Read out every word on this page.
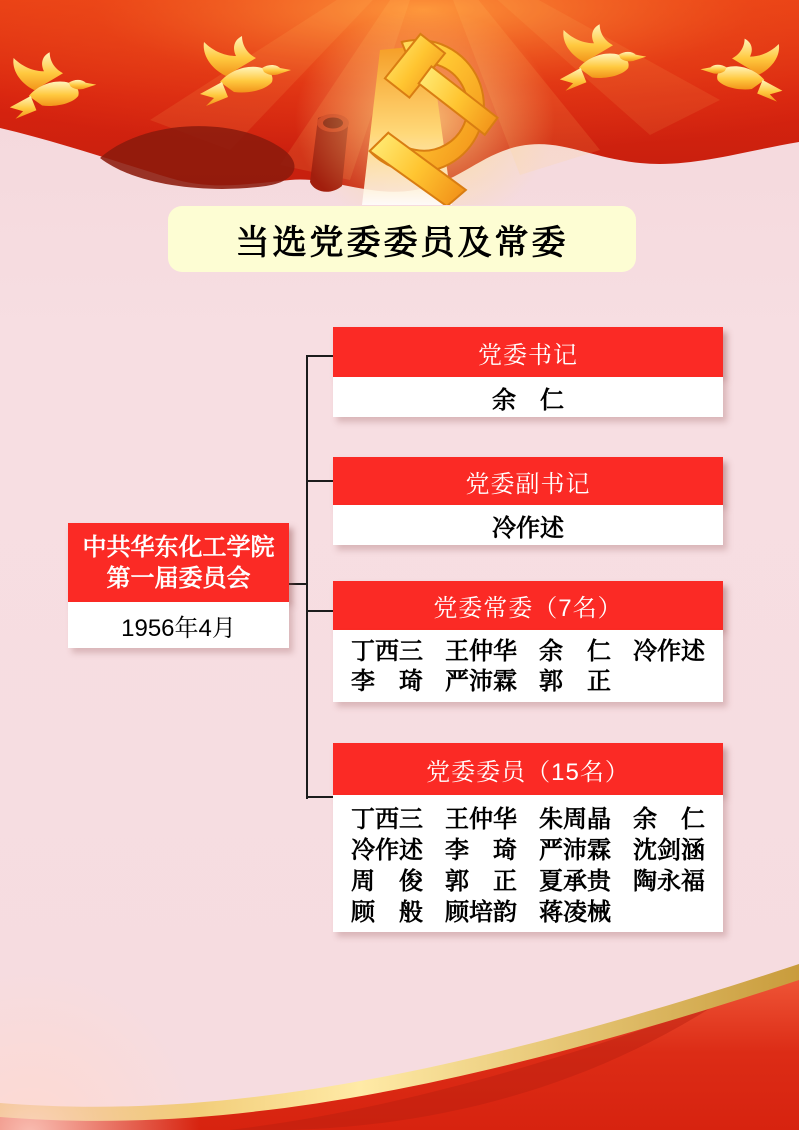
当选党委委员及常委
中共华东化工学院
第一届委员会
1956年4月
党委书记
余　仁
党委副书记
冷作述
党委常委（7名）
丁西三 王仲华 余　仁 冷作述
李　琦 严沛霖 郭　正
党委委员（15名）
丁西三 王仲华 朱周晶 余　仁
冷作述 李　琦 严沛霖 沈剑涵
周　俊 郭　正 夏承贵 陶永福
顾　般 顾培韵 蒋凌械
